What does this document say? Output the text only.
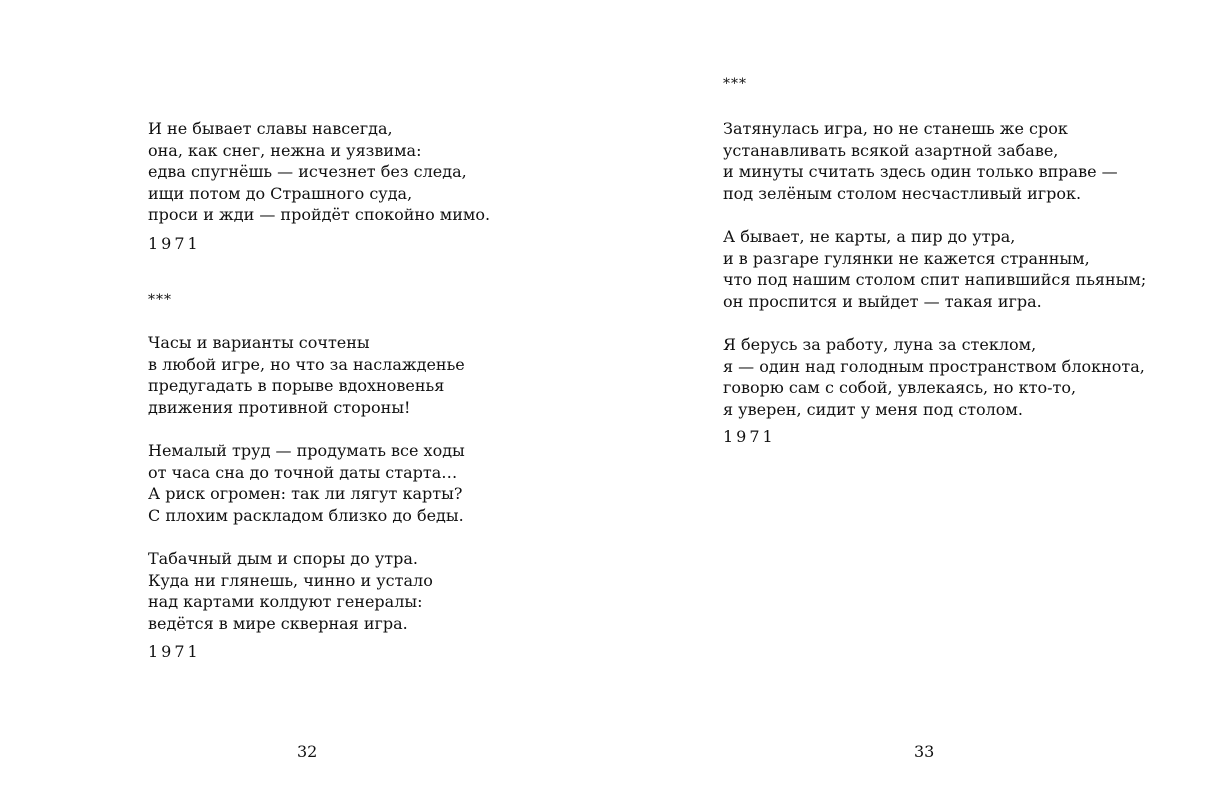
И не бывает славы навсегда,
она, как снег, нежна и уязвима:
едва спугнёшь — исчезнет без следа,
ищи потом до Страшного суда,
проси и жди — пройдёт спокойно мимо.
1971
***
Часы и варианты сочтены
в любой игре, но что за наслажденье
предугадать в порыве вдохновенья
движения противной стороны!
Немалый труд — продумать все ходы
от часа сна до точной даты старта…
А риск огромен: так ли лягут карты?
С плохим раскладом близко до беды.
Табачный дым и споры до утра.
Куда ни глянешь, чинно и устало
над картами колдуют генералы:
ведётся в мире скверная игра.
1971
32
***
Затянулась игра, но не станешь же срок
устанавливать всякой азартной забаве,
и минуты считать здесь один только вправе —
под зелёным столом несчастливый игрок.
А бывает, не карты, а пир до утра,
и в разгаре гулянки не кажется странным,
что под нашим столом спит напившийся пьяным;
он проспится и выйдет — такая игра.
Я берусь за работу, луна за стеклом,
я — один над голодным пространством блокнота,
говорю сам с собой, увлекаясь, но кто-то,
я уверен, сидит у меня под столом.
1971
33
